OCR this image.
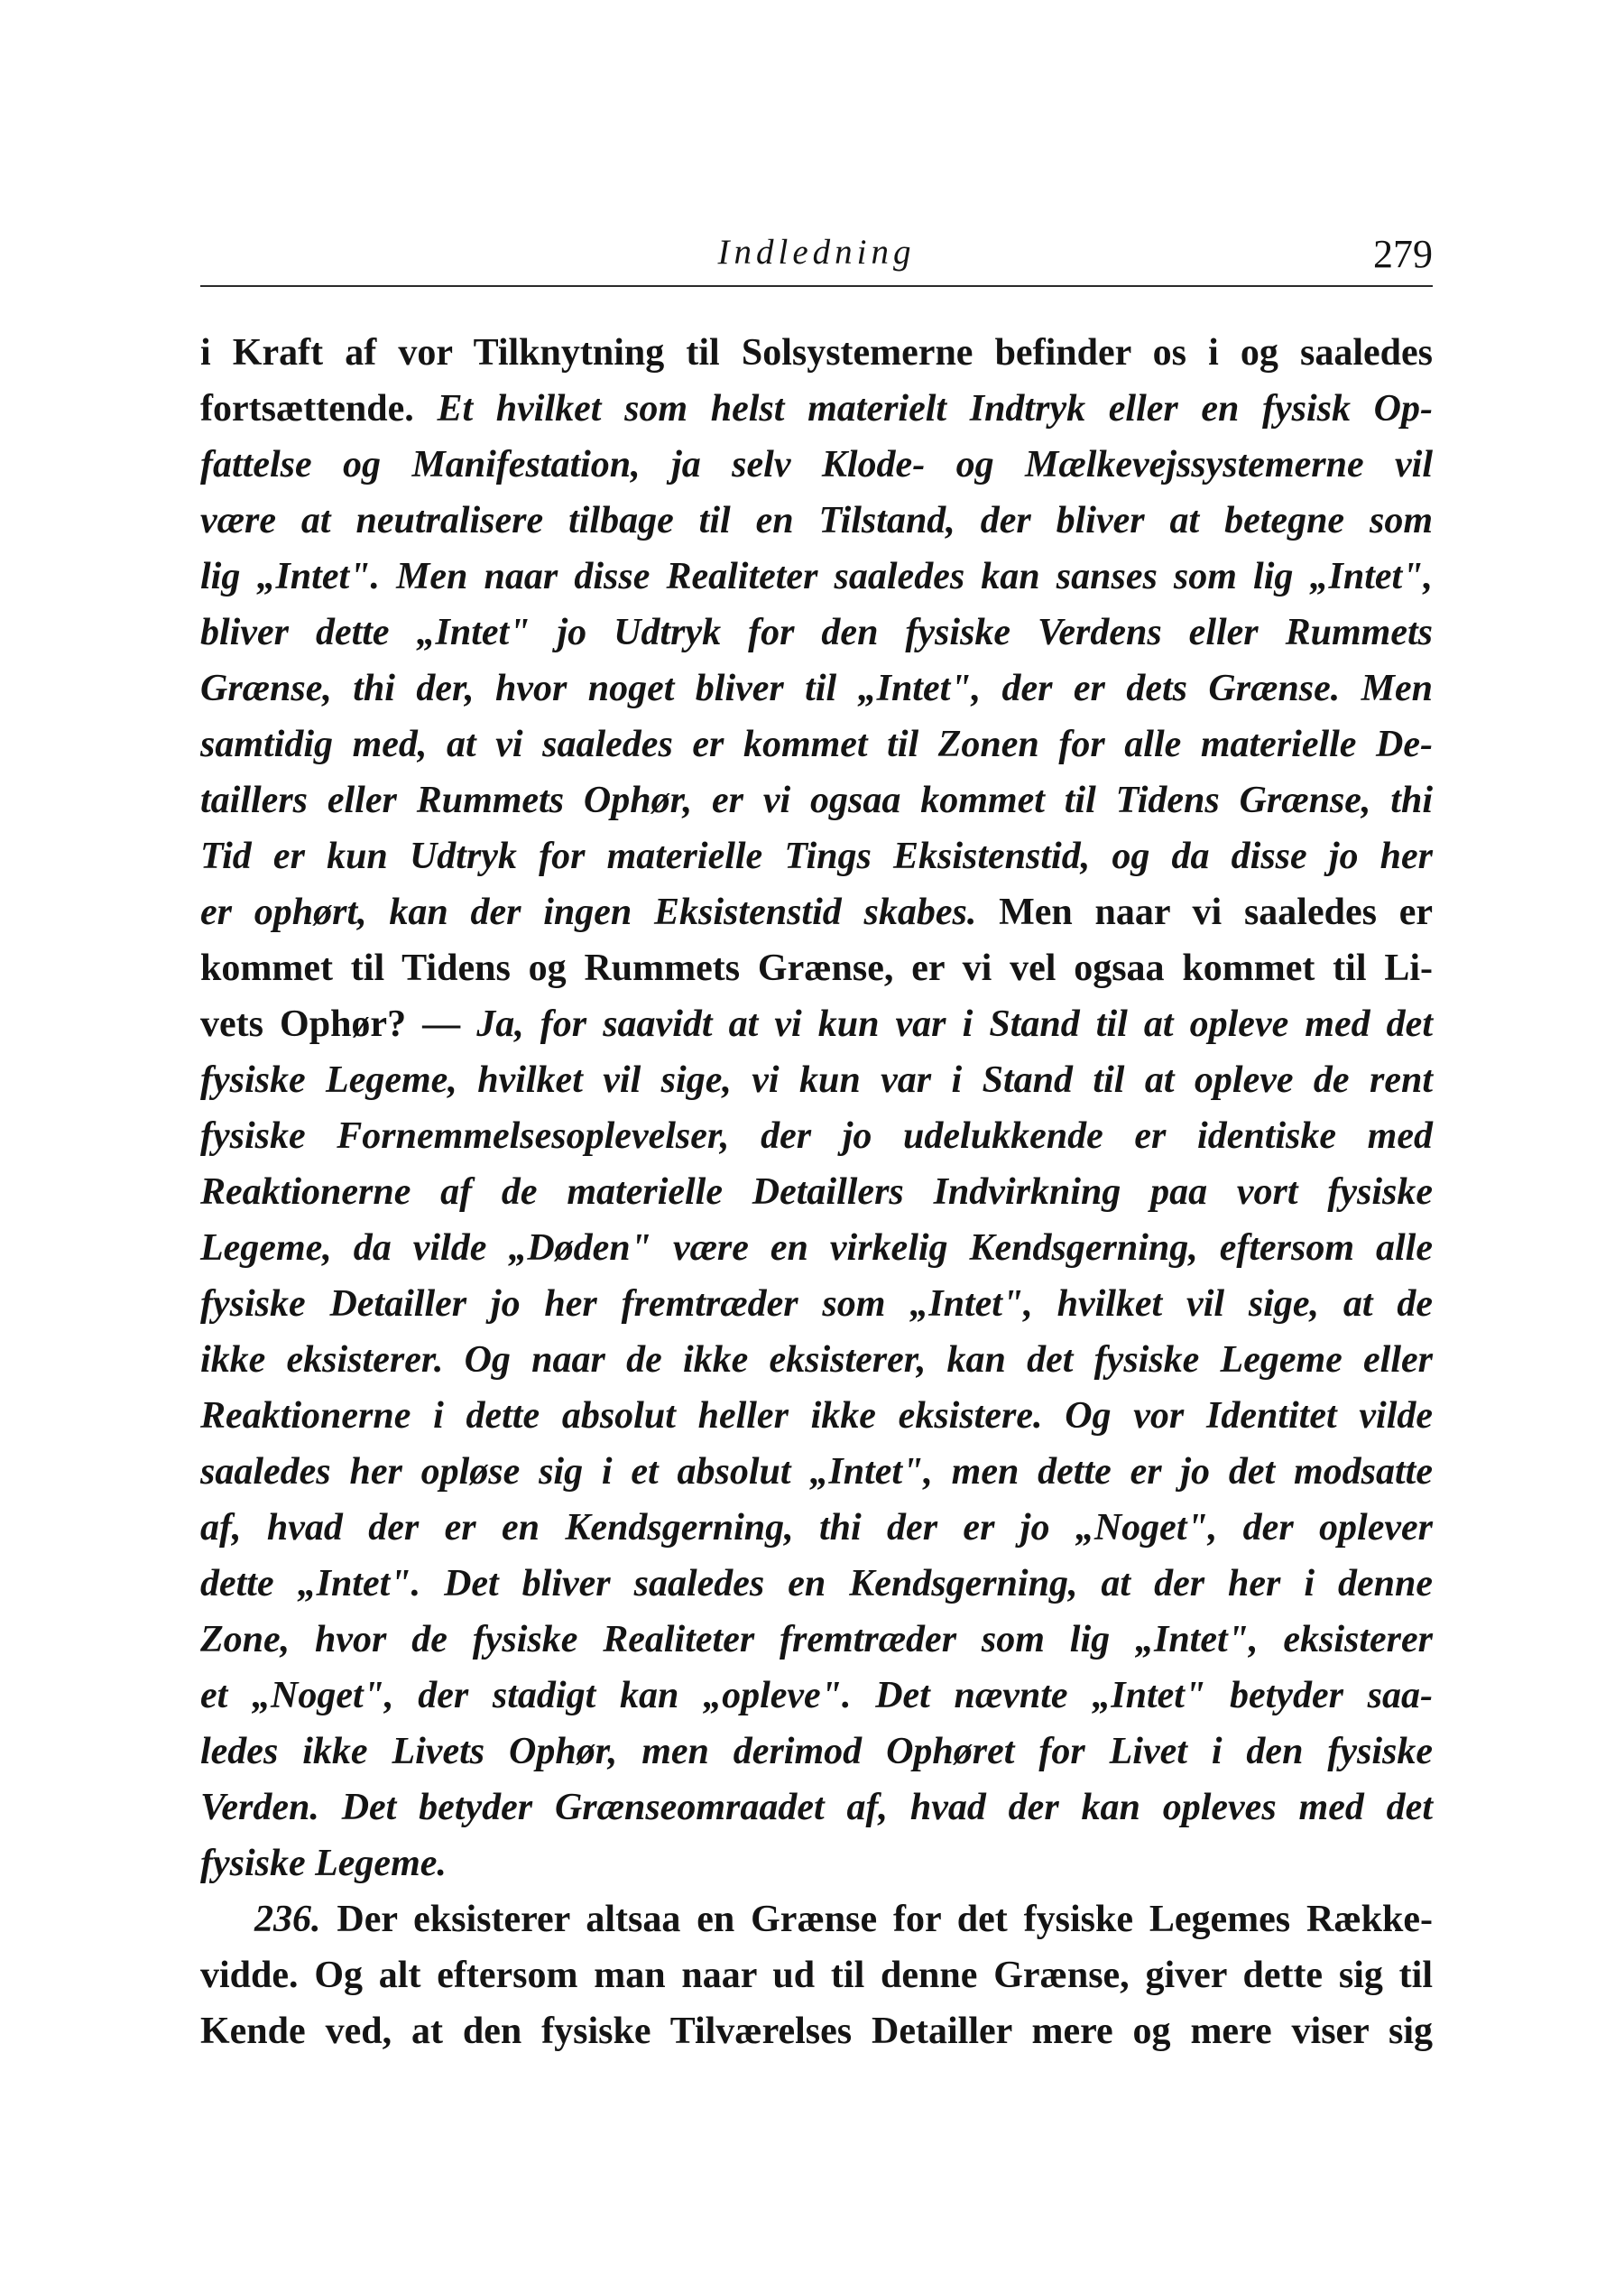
Indledning	279
i Kraft af vor Tilknytning til Solsystemerne befinder os i og saaledes
fortsættende. Et hvilket som helst materielt Indtryk eller en fysisk Op-
fattelse og Manifestation, ja selv Klode- og Mælkevejssystemerne vil
være at neutralisere tilbage til en Tilstand, der bliver at betegne som
lig „Intet". Men naar disse Realiteter saaledes kan sanses som lig „Intet",
bliver dette „Intet" jo Udtryk for den fysiske Verdens eller Rummets
Grænse, thi der, hvor noget bliver til „Intet", der er dets Grænse. Men
samtidig med, at vi saaledes er kommet til Zonen for alle materielle De-
taillers eller Rummets Ophør, er vi ogsaa kommet til Tidens Grænse, thi
Tid er kun Udtryk for materielle Tings Eksistenstid, og da disse jo her
er ophørt, kan der ingen Eksistenstid skabes. Men naar vi saaledes er
kommet til Tidens og Rummets Grænse, er vi vel ogsaa kommet til Li-
vets Ophør? — Ja, for saavidt at vi kun var i Stand til at opleve med det
fysiske Legeme, hvilket vil sige, vi kun var i Stand til at opleve de rent
fysiske Fornemmelsesoplevelser, der jo udelukkende er identiske med
Reaktionerne af de materielle Detaillers Indvirkning paa vort fysiske
Legeme, da vilde „Døden" være en virkelig Kendsgerning, eftersom alle
fysiske Detailler jo her fremtræder som „Intet", hvilket vil sige, at de
ikke eksisterer. Og naar de ikke eksisterer, kan det fysiske Legeme eller
Reaktionerne i dette absolut heller ikke eksistere. Og vor Identitet vilde
saaledes her opløse sig i et absolut „Intet", men dette er jo det modsatte
af, hvad der er en Kendsgerning, thi der er jo „Noget", der oplever
dette „Intet". Det bliver saaledes en Kendsgerning, at der her i denne
Zone, hvor de fysiske Realiteter fremtræder som lig „Intet", eksisterer
et „Noget", der stadigt kan „opleve". Det nævnte „Intet" betyder saa-
ledes ikke Livets Ophør, men derimod Ophøret for Livet i den fysiske
Verden. Det betyder Grænseomraadet af, hvad der kan opleves med det
fysiske Legeme.
236. Der eksisterer altsaa en Grænse for det fysiske Legemes Række-
vidde. Og alt eftersom man naar ud til denne Grænse, giver dette sig til
Kende ved, at den fysiske Tilværelses Detailler mere og mere viser sig
